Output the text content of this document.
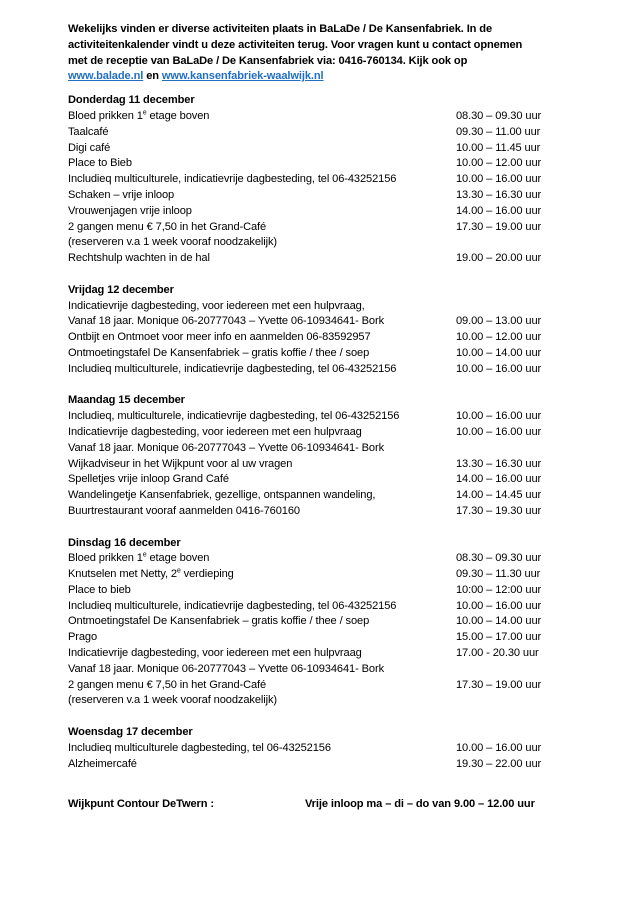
Wekelijks vinden er diverse activiteiten plaats in BaLaDe / De Kansenfabriek. In de
activiteitenkalender vindt u deze activiteiten terug. Voor vragen kunt u contact opnemen
met de receptie van BaLaDe / De Kansenfabriek via: 0416-760134. Kijk ook op
www.balade.nl en www.kansenfabriek-waalwijk.nl

Donderdag 11 december
Bloed prikken 1e etage boven	08.30 – 09.30 uur
Taalcafé	09.30 – 11.00 uur
Digi café	10.00 – 11.45 uur
Place to Bieb	10.00 – 12.00 uur
Includieq multiculturele, indicatievrije dagbesteding, tel 06-43252156	10.00 – 16.00 uur
Schaken – vrije inloop	13.30 – 16.30 uur
Vrouwenjagen vrije inloop	14.00 – 16.00 uur
2 gangen menu € 7,50 in het Grand-Café	17.30 – 19.00 uur
(reserveren v.a 1 week vooraf noodzakelijk)
Rechtshulp wachten in de hal	19.00 – 20.00 uur
Vrijdag 12 december
Indicatievrije dagbesteding, voor iedereen met een hulpvraag,
Vanaf 18 jaar. Monique 06-20777043 – Yvette 06-10934641- Bork	09.00 – 13.00 uur
Ontbijt en Ontmoet voor meer info en aanmelden 06-83592957	10.00 – 12.00 uur
Ontmoetingstafel De Kansenfabriek – gratis koffie / thee / soep	10.00 – 14.00 uur
Includieq multiculturele, indicatievrije dagbesteding, tel 06-43252156	10.00 – 16.00 uur
Maandag 15 december
Includieq, multiculturele, indicatievrije dagbesteding, tel 06-43252156	10.00 – 16.00 uur
Indicatievrije dagbesteding, voor iedereen met een hulpvraag	10.00 – 16.00 uur
Vanaf 18 jaar. Monique 06-20777043 – Yvette 06-10934641- Bork
Wijkadviseur in het Wijkpunt voor al uw vragen	13.30 – 16.30 uur
Spelletjes vrije inloop Grand Café	14.00 – 16.00 uur
Wandelingetje Kansenfabriek, gezellige, ontspannen wandeling,	14.00 – 14.45 uur
Buurtrestaurant vooraf aanmelden 0416-760160	17.30 – 19.30 uur
Dinsdag 16 december
Bloed prikken 1e etage boven	08.30 – 09.30 uur
Knutselen met Netty, 2e verdieping	09.30 – 11.30 uur
Place to bieb	10:00 – 12:00 uur
Includieq multiculturele, indicatievrije dagbesteding, tel 06-43252156	10.00 – 16.00 uur
Ontmoetingstafel De Kansenfabriek – gratis koffie / thee / soep	10.00 – 14.00 uur
Prago	15.00 – 17.00 uur
Indicatievrije dagbesteding, voor iedereen met een hulpvraag	17.00 - 20.30 uur
Vanaf 18 jaar. Monique 06-20777043 – Yvette 06-10934641- Bork
2 gangen menu € 7,50 in het Grand-Café	17.30 – 19.00 uur
(reserveren v.a 1 week vooraf noodzakelijk)
Woensdag 17 december
Includieq multiculturele dagbesteding, tel 06-43252156	10.00 – 16.00 uur
Alzheimercafé	19.30 – 22.00 uur
Wijkpunt Contour DeTwern :	Vrije inloop ma – di – do van 9.00 – 12.00 uur
